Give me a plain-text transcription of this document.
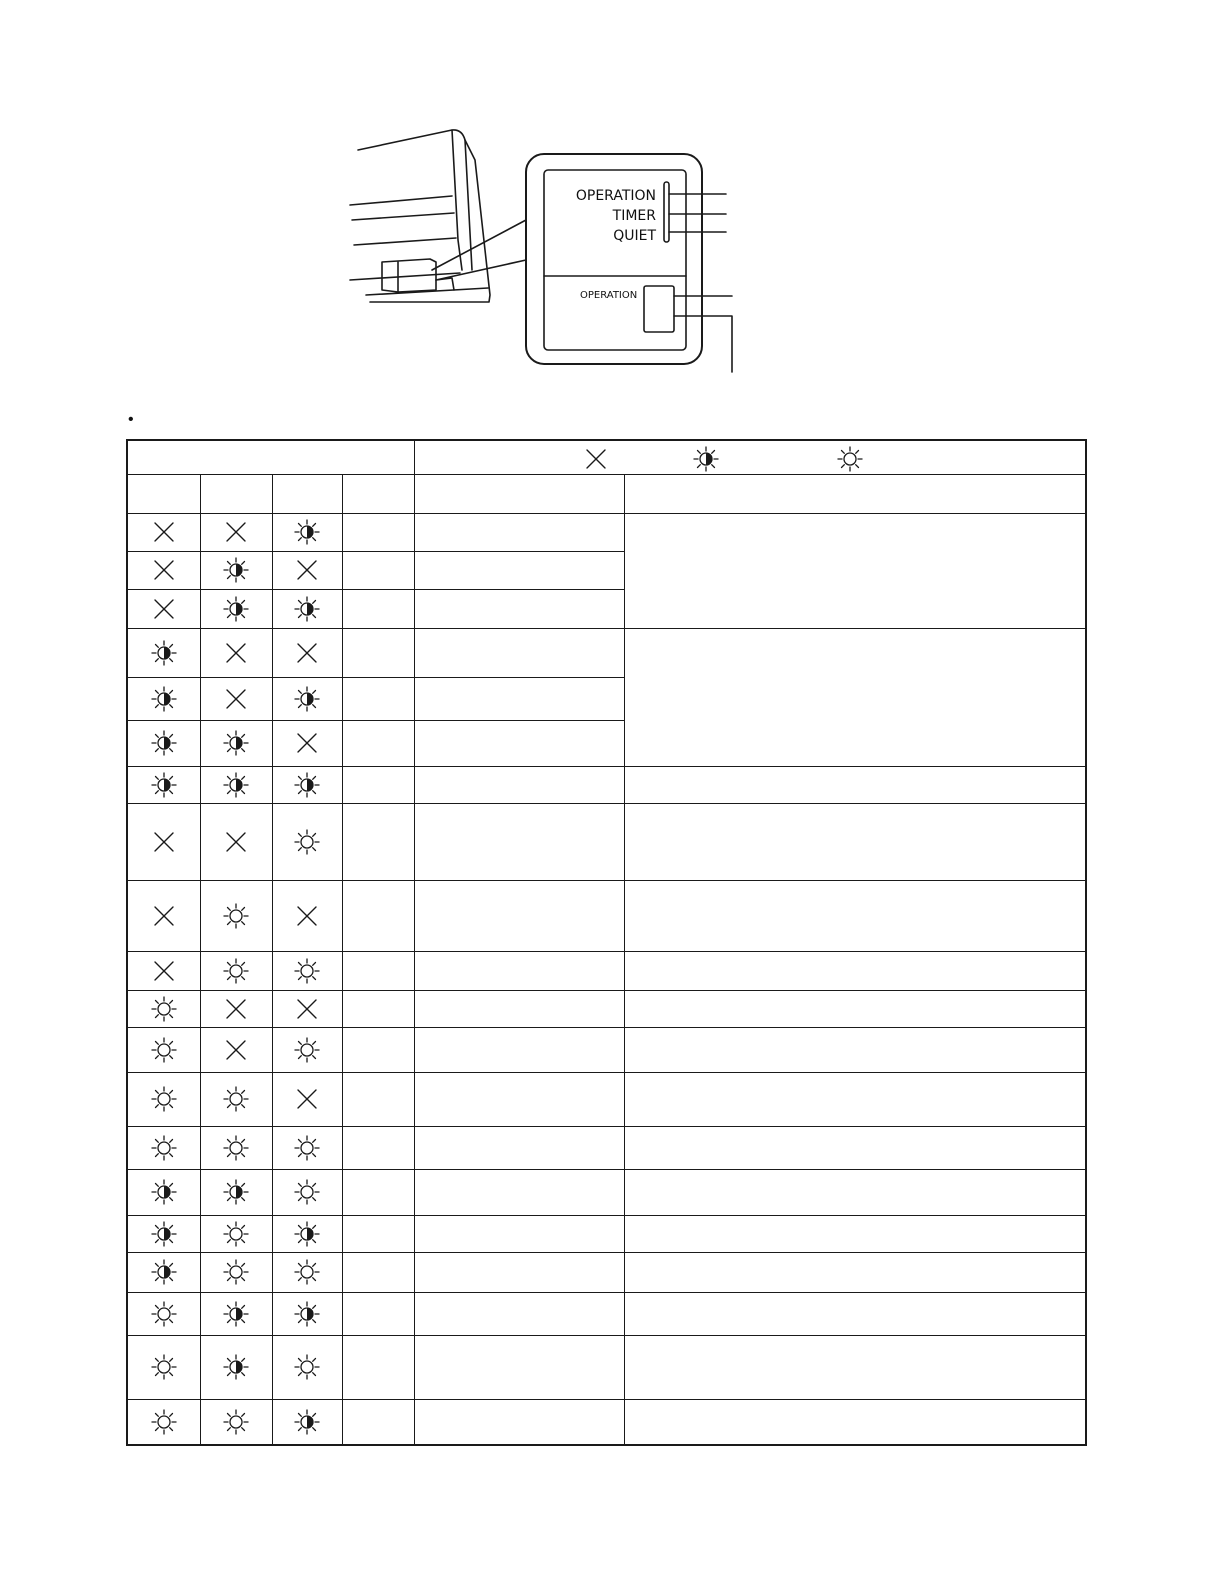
OPERATION
TIMER
QUIET
OPERATION
•
